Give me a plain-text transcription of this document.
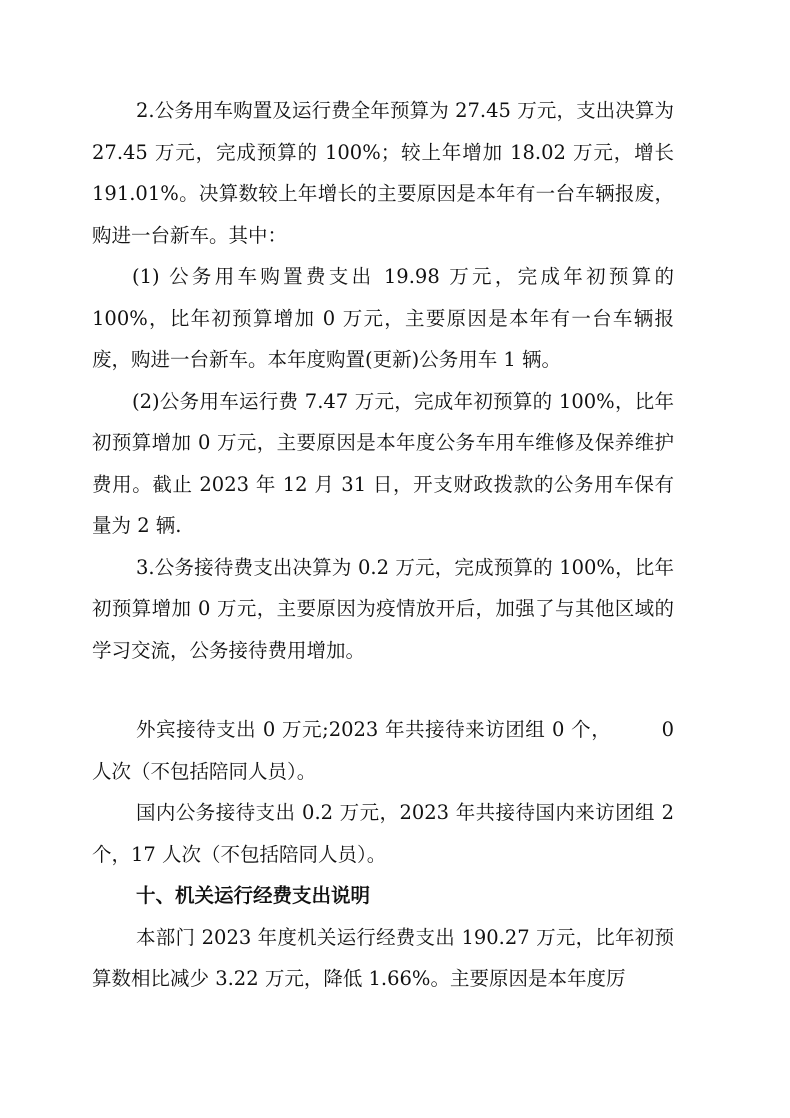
2.公务用车购置及运行费全年预算为 27.45 万元，支出决算为 27.45 万元，完成预算的 100%；较上年增加 18.02 万元，增长 191.01%。决算数较上年增长的主要原因是本年有一台车辆报废，购进一台新车。其中：

(1) 公务用车购置费支出 19.98 万元，完成年初预算的 100%，比年初预算增加 0 万元，主要原因是本年有一台车辆报废，购进一台新车。本年度购置(更新)公务用车 1 辆。

(2)公务用车运行费 7.47 万元，完成年初预算的 100%，比年初预算增加 0 万元，主要原因是本年度公务车用车维修及保养维护费用。截止 2023 年 12 月 31 日，开支财政拨款的公务用车保有量为 2 辆.

3.公务接待费支出决算为 0.2 万元，完成预算的 100%，比年初预算增加 0 万元，主要原因为疫情放开后，加强了与其他区域的学习交流，公务接待费用增加。

外宾接待支出 0 万元;2023 年共接待来访团组 0 个，　　　0 人次（不包括陪同人员）。

国内公务接待支出 0.2 万元，2023 年共接待国内来访团组 2 个，17 人次（不包括陪同人员）。

十、机关运行经费支出说明

本部门 2023 年度机关运行经费支出 190.27 万元，比年初预算数相比减少 3.22 万元，降低 1.66%。主要原因是本年度厉
